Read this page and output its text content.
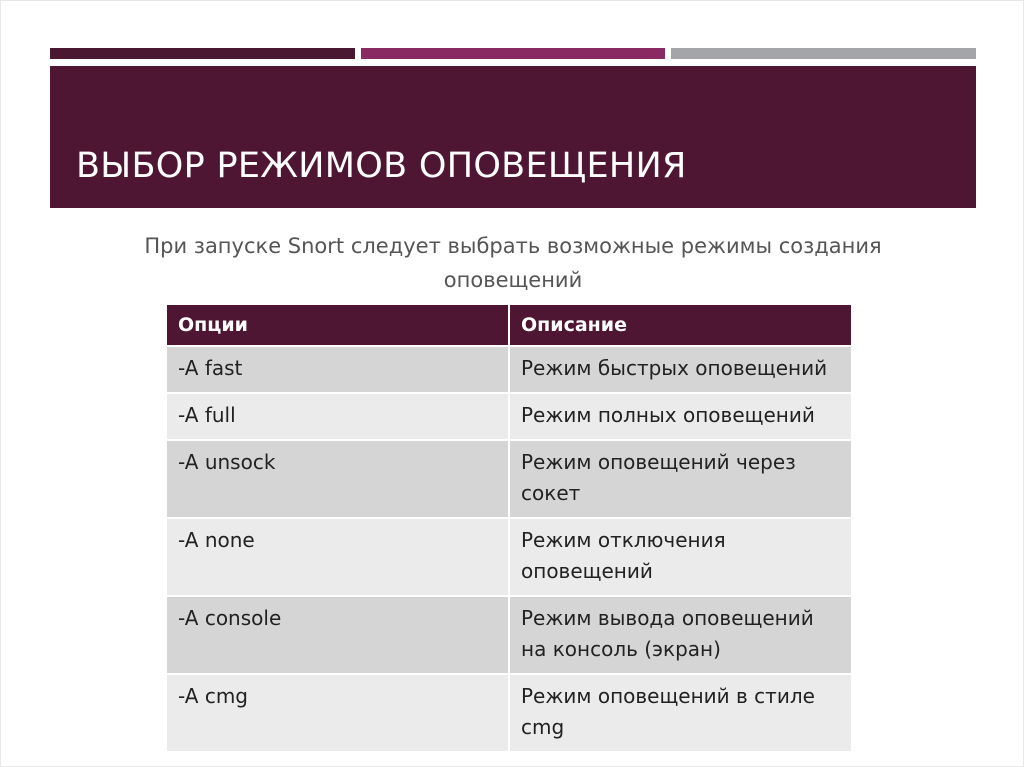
ВЫБОР РЕЖИМОВ ОПОВЕЩЕНИЯ
При запуске Snort следует выбрать возможные режимы создания
оповещений
Опции	Описание
-A fast	Режим быстрых оповещений
-A full	Режим полных оповещений
-A unsock	Режим оповещений через сокет
-A none	Режим отключения оповещений
-A console	Режим вывода оповещений на консоль (экран)
-A cmg	Режим оповещений в стиле cmg
